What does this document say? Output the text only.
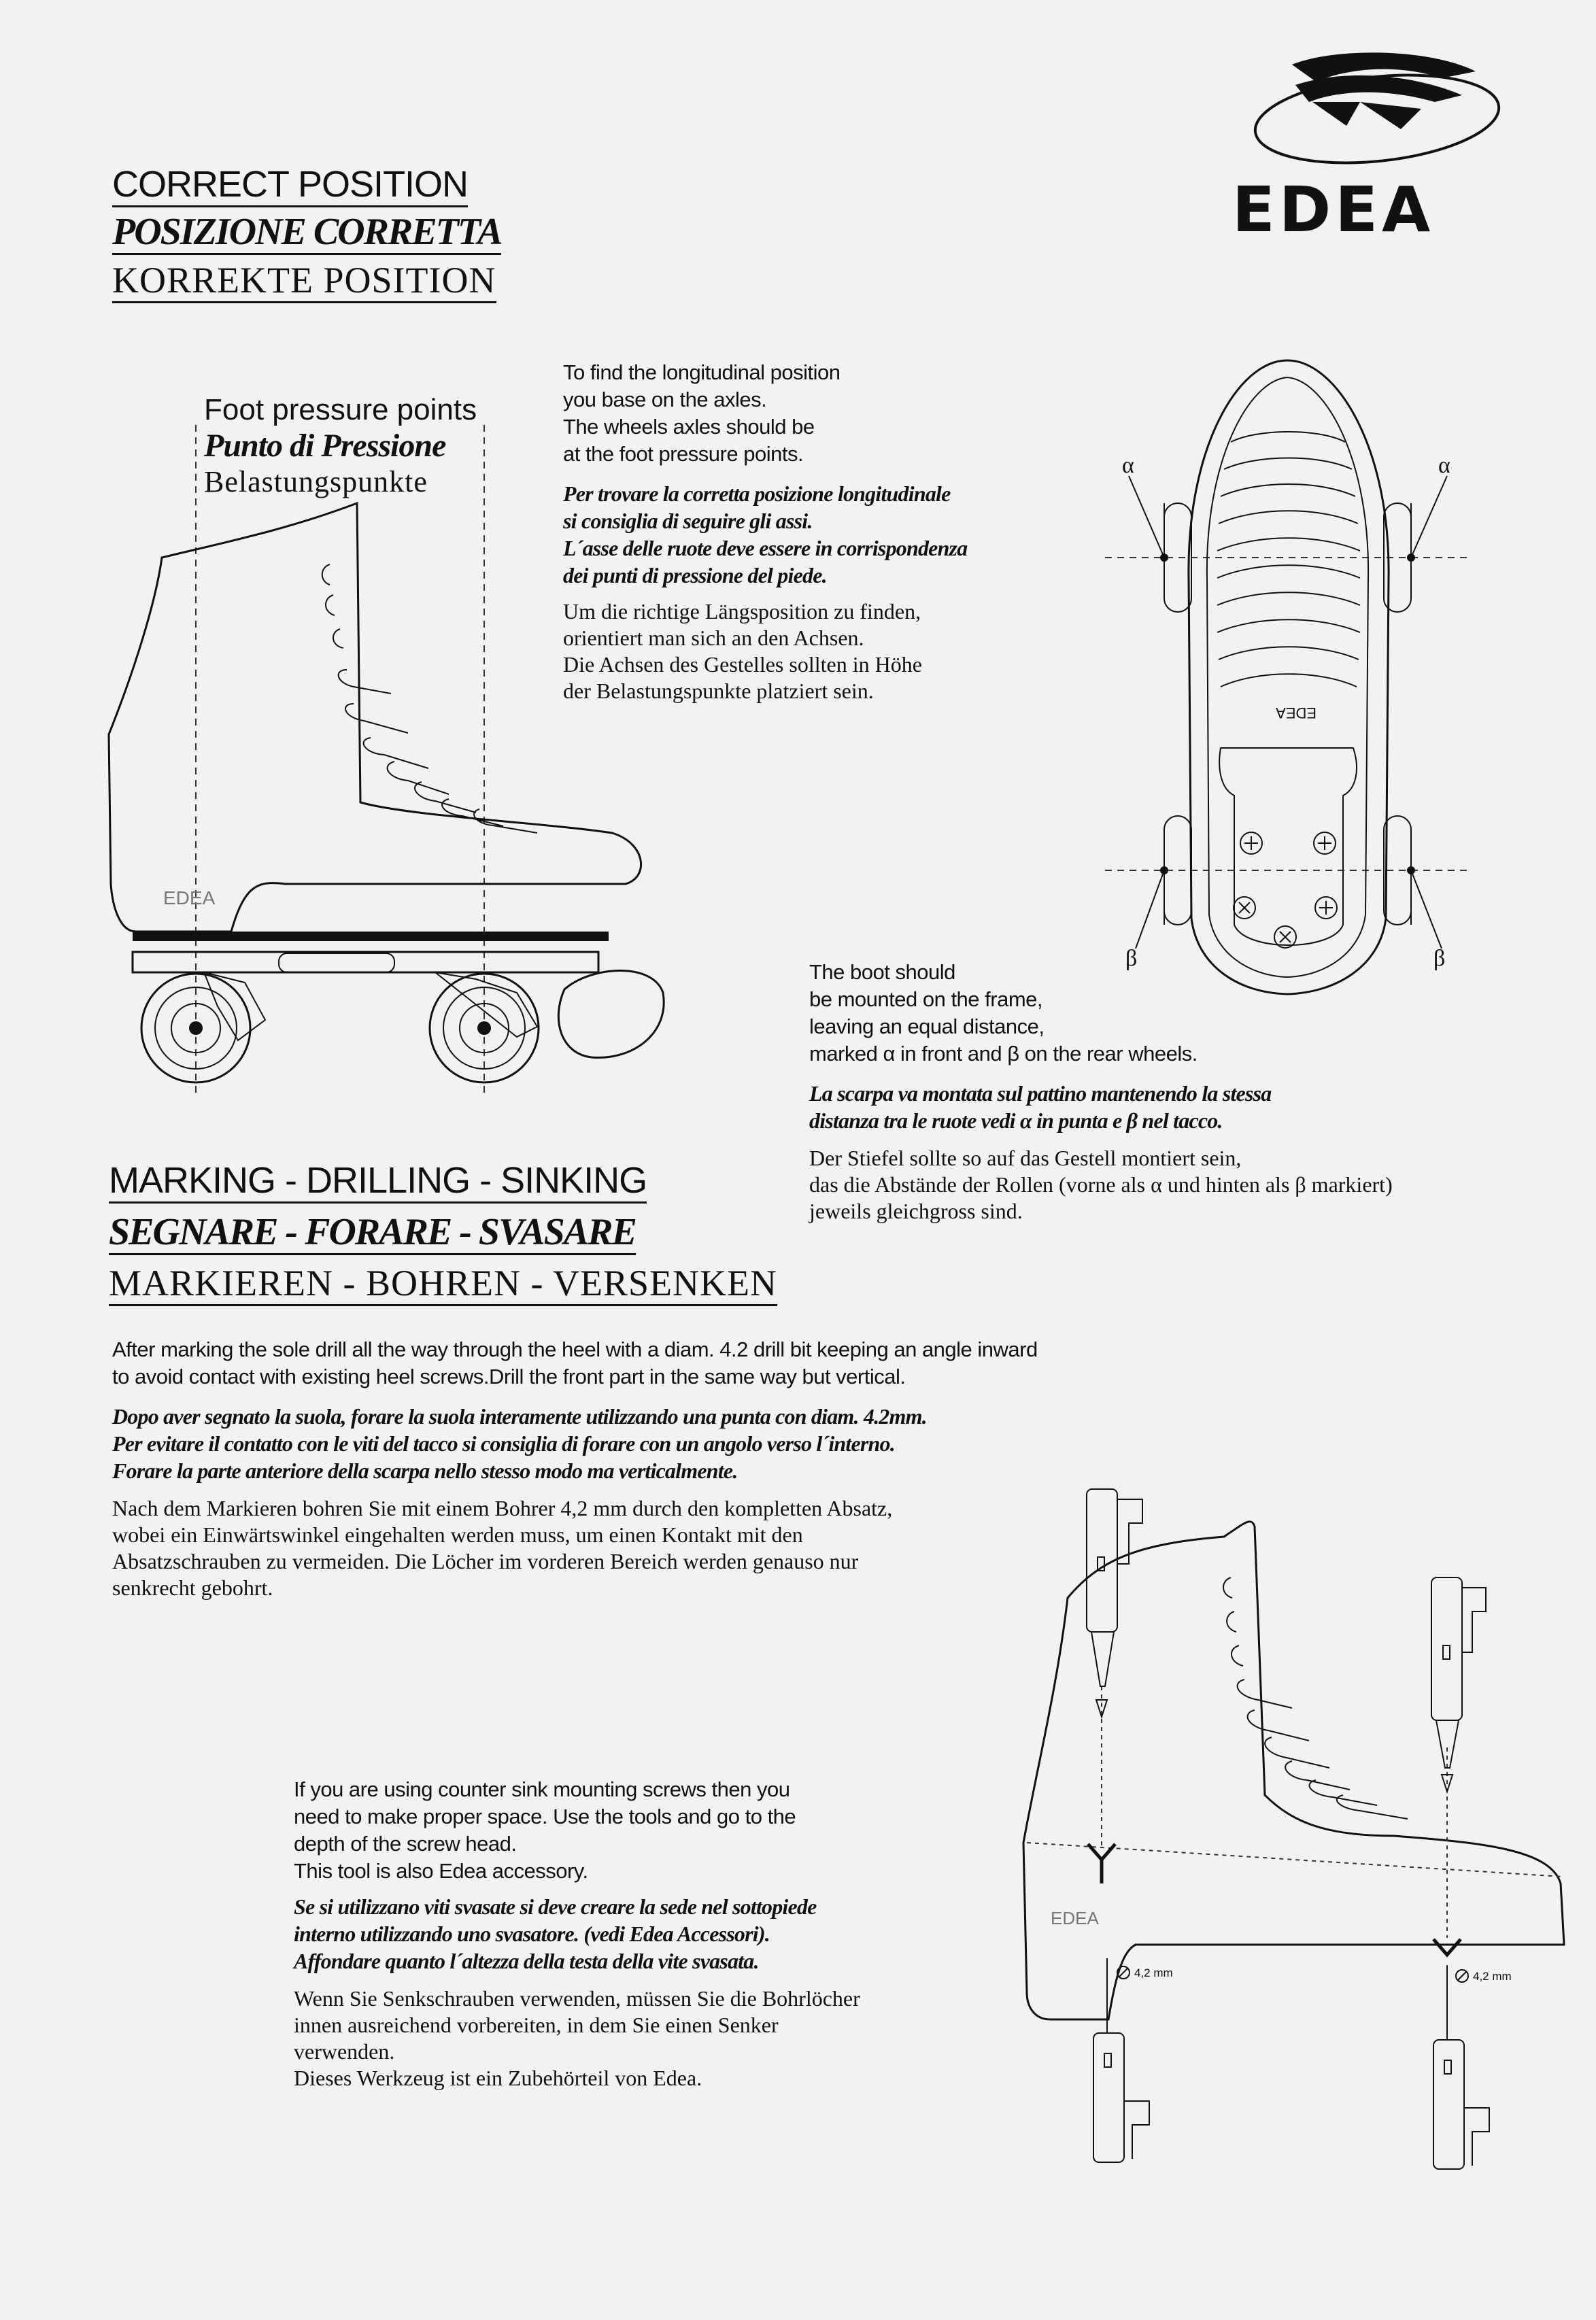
EDEA
CORRECT POSITION
POSIZIONE CORRETTA
KORREKTE POSITION
Foot pressure points
Punto di Pressione
Belastungspunkte
To find the longitudinal position
you base on the axles.
The wheels axles should be
at the foot pressure points.
Per trovare la corretta posizione longitudinale
si consiglia di seguire gli assi.
L´asse delle ruote deve essere in corrispondenza
dei punti di pressione del piede.
Um die richtige Längsposition zu finden,
orientiert man sich an den Achsen.
Die Achsen des Gestelles sollten in Höhe
der Belastungspunkte platziert sein.
EDEA
EDEA
α	α
β	β
The boot should
be mounted on the frame,
leaving an equal distance,
marked α in front and β on the rear wheels.
La scarpa va montata sul pattino mantenendo la stessa
distanza tra le ruote vedi α in punta e β nel tacco.
Der Stiefel sollte so auf das Gestell montiert sein,
das die Abstände der Rollen (vorne als α und hinten als β markiert)
jeweils gleichgross sind.
MARKING - DRILLING - SINKING
SEGNARE - FORARE - SVASARE
MARKIEREN - BOHREN - VERSENKEN
After marking the sole drill all the way through the heel with a diam. 4.2 drill bit keeping an angle inward
to avoid contact with existing heel screws.Drill the front part in the same way but vertical.
Dopo aver segnato la suola, forare la suola interamente utilizzando una punta con diam. 4.2mm.
Per evitare il contatto con le viti del tacco si consiglia di forare con un angolo verso l´interno.
Forare la parte anteriore della scarpa nello stesso modo ma verticalmente.
Nach dem Markieren bohren Sie mit einem Bohrer 4,2 mm durch den kompletten Absatz,
wobei ein Einwärtswinkel eingehalten werden muss, um einen Kontakt mit den
Absatzschrauben zu vermeiden. Die Löcher im vorderen Bereich werden genauso nur
senkrecht gebohrt.
If you are using counter sink mounting screws then you
need to make proper space. Use the tools and go to the
depth of the screw head.
This tool is also Edea accessory.
Se si utilizzano viti svasate si deve creare la sede nel sottopiede
interno utilizzando uno svasatore. (vedi Edea Accessori).
Affondare quanto l´altezza della testa della vite svasata.
Wenn Sie Senkschrauben verwenden, müssen Sie die Bohrlöcher
innen ausreichend vorbereiten, in dem Sie einen Senker
verwenden.
Dieses Werkzeug ist ein Zubehörteil von Edea.
EDEA
4,2 mm	4,2 mm
